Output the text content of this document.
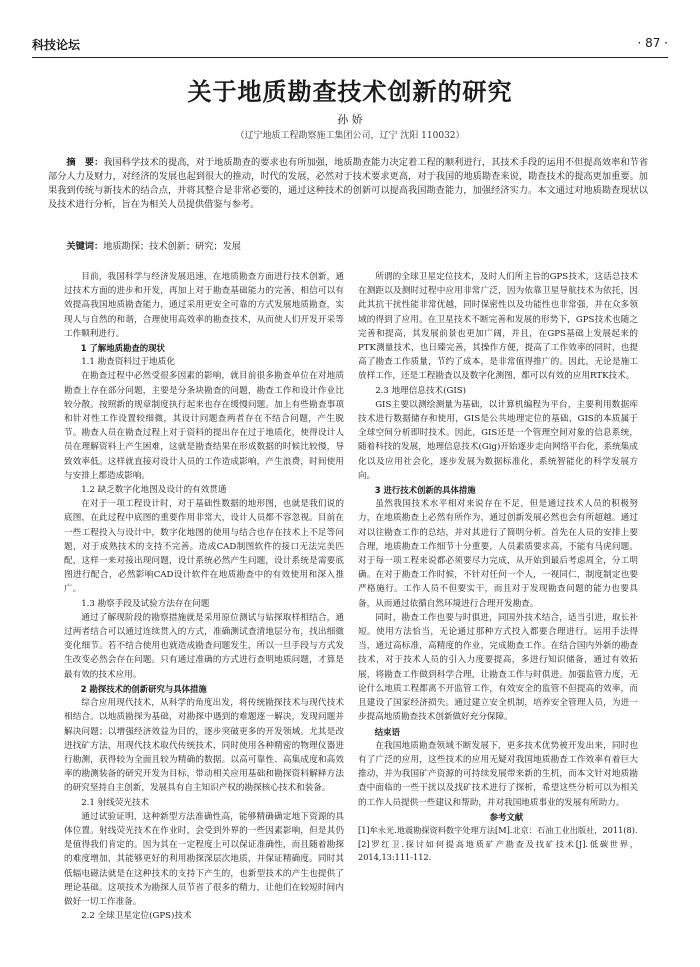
科技论坛	· 87 ·
关于地质勘查技术创新的研究
孙 娇
（辽宁地质工程勘察施工集团公司，辽宁 沈阳 110032）
摘　要：我国科学技术的提高，对于地质勘查的要求也有所加强，地质勘查能力决定着工程的顺利进行，其技术手段的运用不但提高效率和节省部分人力及财力，对经济的发展也起到很大的推动，时代的发展，必然对于技术要求更高，对于我国的地质勘查来说，勘查技术的提高更加重要。加果我到传统与新技术的结合点，并将其整合是非常必要的，通过这种技术的创新可以提高我国勘查能力，加强经济实力。本文通过对地质勘查现状以及技术进行分析，旨在为相关人员提供借鉴与参考。
关键词：地质勘探；技术创新；研究；发展

目前，我国科学与经济发展迅速，在地质勘查方面进行技术创新，通过技术方面的进步和开发，再加上对于勘查基础能力的完善，相信可以有效提高我国地质勘查能力，通过采用更安全可靠的方式发展地质勘查，实现人与自然的和谐，合理使用高效率的勘查技术，从而使人们开发开采等工作顺利进行。

1 了解地质勘查的现状

1.1 勘查资料过于地质化

在勘查过程中必然受很多因素的影响，就目前很多勘查单位在对地质勘查上存在部分问题，主要是分条块勘查的问题，勘查工作和设计作业比较分散。按照新的规章制度执行起来也存在缓慢问题。加上有些勘查事项和针对性工作设置较细微，其设计问题查两者存在不结合问题，产生脱节。勘查人员在勘查过程上对于资料的提出存在过于地质化，使得设计人员在理解资料上产生困难，这就是勘查结果在形成数据的时候比较慢，导致效率低。这样就直接对设计人员的工作造成影响，产生浪费，时间使用与安排上都造成影响。

1.2 缺乏数字化地图及设计的有效贯通

在对于一项工程设计时，对于基础性数据的地形图，也就是我们说的底图，在此过程中底图的重要作用非常大，设计人员都不容忽视。目前在一些工程投入与设计中，数字化地图的使用与结合也存在技术上不足等问题，对于成熟技术的支持不完善。造成CAD制图软件的接口无法完美匹配，这样一来对接出现问题，设计系统必然产生问题，设计系统是需要底图进行配合，必然影响CAD设计软件在地质勘查中的有效使用和深入推广。

1.3 勘察手段及试验方法存在问题

通过了解现阶段的勘察措施就是采用原位测试与钻探取样相结合，通过两者结合可以通过连续贯入的方式，准确测试查清地层分布，找出细微变化细节。若不结合使用也就造成勘查问题发生，所以一旦手段与方式发生改变必然会存在问题。只有通过准确的方式进行查明地质问题，才算是最有效的技术应用。

2 勘探技术的创新研究与具体措施

综合应用现代技术，从科学的角度出发，将传统勘探技术与现代技术相结合。以地质勘探为基础，对勘探中遇到的难题逐一解决，发现问题并解决问题；以增强经济效益为目的，逐步突破更多的开发领域。尤其是改进找矿方法，用现代技术取代传统技术，同时使用各种精密的物理仪器进行勘测，获得较为全面且较为精确的数据。以高可靠性、高集成度和高效率的勘测装备的研究开发为目标，带动相关应用基础和勘探资料解释方法的研究坚持自主创新，发展具有自主知识产权的勘探核心技术和装备。

2.1 射线荧光技术

通过试验证明，这种新型方法准确性高，能够精确确定地下资源的具体位置。射线荧光技术在作业时，会受到外界的一些因素影响，但是其仍是值得我们肯定的。因为其在一定程度上可以保证准确性，而且随着勘探的难度增加，其能够更好的利用勘探深层次地质，并保证精确度。同时其低辐电磁法就是在这种技术的支持下产生的，也新型技术的产生也提供了理论基础。这项技术为勘探人员节省了很多的精力，让他们在较短时间内做好一切工作准备。

2.2 全球卫星定位(GPS)技术

所谓的全球卫星定位技术，及时人们所主旨的GPS技术，这话总技术在测距以及测时过程中应用非常广泛，因为依靠卫星导航技术为依托，因此其抗干扰性能非常优越，同时保密性以及功能性也非常强，并在众多领域的得到了应用。在卫星技术不断完善和发展的形势下，GPS技术也随之完善和提高，其发展前景也更加广阔，并且，在GPS基础上发展起来的PTK测量技术，也日臻完善，其操作方便，提高了工作效率的同时，也提高了勘查工作质量，节约了成本，是非常值得推广的。因此，无论是施工放样工作，还是工程勘查以及数字化测图，都可以有效的应用RTK技术。

2.3 地理信息技术(GIS)

GIS主要以测绘测量为基础，以计算机编程为平台，主要利用数据库技术进行数据储存和使用，GIS是公共地理定位的基础，GIS的本质属于全球空间分析即时技术。因此，GIS还是一个管理空间对象的信息系统，随着科技的发展，地理信息技术(Gig)开始逐步走向网络平台化，系统集成化以及应用社会化，逐步发展为数据标准化，系统智能化的科学发展方向。

3 进行技术创新的具体措施

虽然我国技术水平相对来说存在不足，但是通过技术人员的积极努力，在地质勘查上必然有所作为，通过创新发展必然也会有所超越。通过对以往勘查工作的总结，并对其进行了简明分析。首先在人员的安排上要合理，地质勘查工作细节十分重要，人员素质要求高，不能有马虎问题。对于每一项工程来说都必须要尽力完成，从开始到最后考虑周全，分工明确。在对于勘查工作时候，不针对任何一个人，一视同仁，制度制定也要严格施行。工作人员不但要实干，而且对于发现勘查问题的能力也要具备，从而通过依循自然环境进行合理开发勘查。

同时，勘查工作也要与时俱进，同国外技术结合，适当引进，取长补短。使用方法恰当，无论通过那种方式投入都要合理进行。运用手法得当，通过高标准，高精度的作业，完成勘查工作。在结合国内外新的勘查技术，对于技术人员的引入力度要提高，多进行知识储备，通过有效拓展，将勘查工作做到科学合理，让勘查工作与时俱进。加强监管力度，无论什么地质工程都离不开监管工作，有效安全的监管不但提高的效率，而且建设了国家经济损失。通过建立安全机制，培养安全管理人员，为进一步提高地质勘查技术创新做好充分保障。

结束语

在我国地质勘查领域不断发展下，更多技术优势被开发出来，同时也有了广泛的应用，这些技术的应用无疑对我国地质勘查工作效率有着巨大推动，并为我国矿产资源的可持续发展带来新的生机，而本文针对地质勘查中面临的一些干扰以及找矿技术进行了探析，希望这些分析可以为相关的工作人员提供一些建议和帮助，并对我国地质事业的发展有所助力。

参考文献

[1]牟永光.地震勘探资料数字处理方法[M].北京：石油工业出版社，2011(8).

[2]罗红卫.探讨如何提高地质矿产勘查及找矿技术[J].低碳世界，2014,13:111-112.
